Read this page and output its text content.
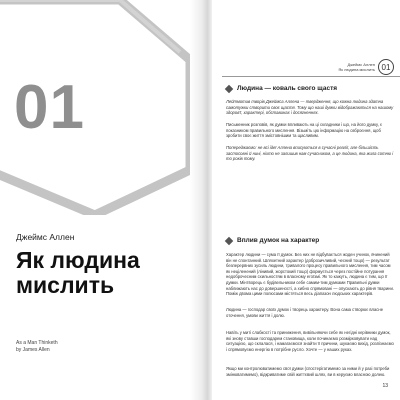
01
Джеймс Аллен
Як людина
мислить
As a Man Thinketh
by James Allen
Джеймс Аллен
Як людина мислить 01
Людина — коваль свого щастя

Лейтмотив творів Джеймса Аллена — твердження, що кожна людина здатна самотужки створити своє щастя. Тому що наші думки відображаються на нашому здоров'ї, характері, обставинах і досягненнях.

Письменник розповів, як думки впливають на ці складники і що, на його думку, є показником правильного мислення. Візьміть цю інформацію на озброєння, щоб зробити своє життя змістовнішим та щасливим.

Попереджаємо: не всі ідеї Аллена вписуються в сучасні реалії, але більшість застосовні й нині, ніхто не залишив нам сучасником, а це людина, яка жила сотню і то років тому.

Вплив думок на характер

Характер людини — сума її думок. Без них не відбувається жоден учинок, вчинений він не спонтанний. Шляхетний характер (доброзичливий, чесний тощо) — результат безперервних зусиль людини, тривалого процесу правильного мислення, тим часом як неціленений (лінивий, жорстокий тощо) формується через постійне потурання недоброчесним схильностям в власному егоїзмі. Як то кажуть, людина є тим, що її думки. Мінтворець є будівельником себе самим-тим думками Правильні думки наближають нас до довершеності, а хибно спрямовані — опускають до рівня тварини. Поміж двома цими полюсами містяться весь діапазон людських характерів.

Людина — господар своїх думок і творець характеру. Вона сама створює власне оточення, умови життя і долю.

Навіть у миті слабкості та приниження, вивільняючи себе як негідні керівники думок, які знову ставши господарем становища, коли починаємо розмірковувати над ситуацією, що склалася, і намагаємося знайти її причини, шукаємо вихід, розпізнаємо і спрямовуємо енергію в потрібне русло. Хочте — у наших руках.

Якщо ми контролюватимемо свої думки (спостерігатимемо за ними й у разі потреби змінюватимемо), відкриватиме свій життєвий шлях, ви в керуємо власною долею.

13
